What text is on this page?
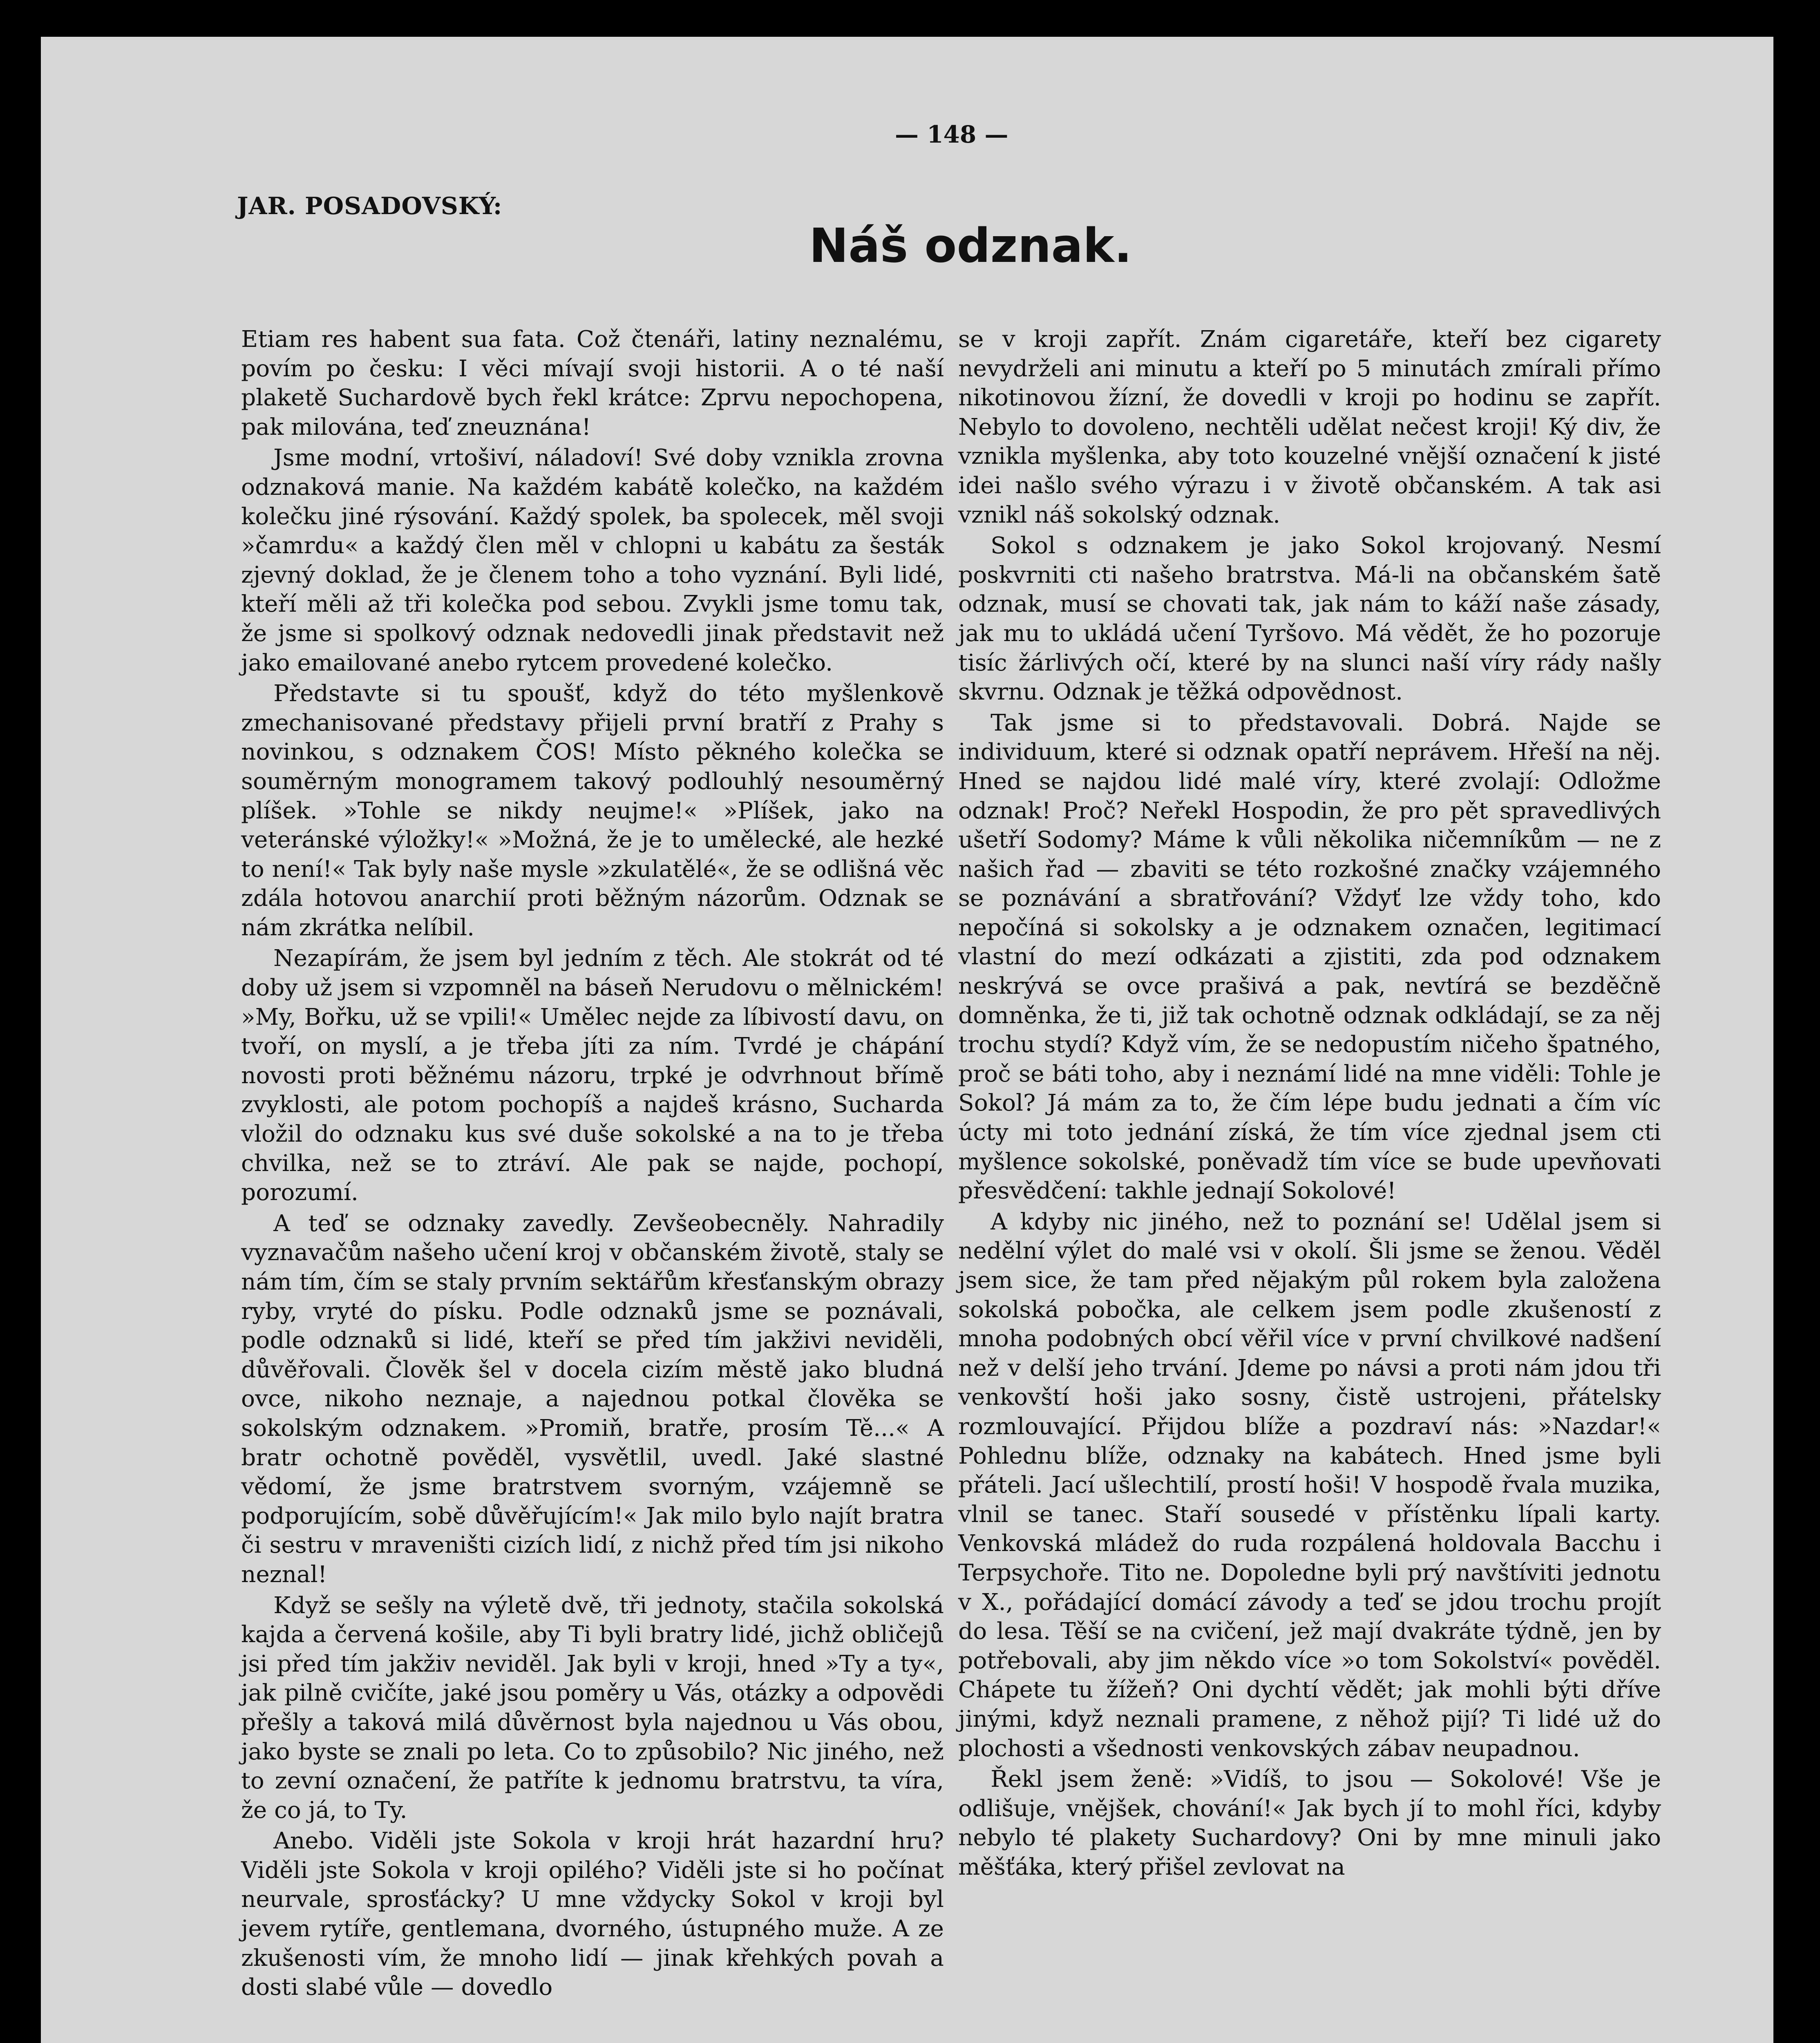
— 148 —
JAR. POSADOVSKÝ:
Náš odznak.

Etiam res habent sua fata. Což čtenáři, latiny neznalému, povím po česku: I věci mívají svoji historii. A o té naší plaketě Suchardově bych řekl krátce: Zprvu nepochopena, pak milována, teď zneuznána!

Jsme modní, vrtošiví, náladoví! Své doby vznikla zrovna odznaková manie. Na každém kabátě kolečko, na každém kolečku jiné rýsování. Každý spolek, ba spolecek, měl svoji »čamrdu« a každý člen měl v chlopni u kabátu za šesták zjevný doklad, že je členem toho a toho vyznání. Byli lidé, kteří měli až tři kolečka pod sebou. Zvykli jsme tomu tak, že jsme si spolkový odznak nedovedli jinak představit než jako emailované anebo rytcem provedené kolečko.

Představte si tu spoušť, když do této myšlenkově zmechanisované představy přijeli první bratří z Prahy s novinkou, s odznakem ČOS! Místo pěkného kolečka se souměrným monogramem takový podlouhlý nesouměrný plíšek. »Tohle se nikdy neujme!« »Plíšek, jako na veteránské výložky!« »Možná, že je to umělecké, ale hezké to není!« Tak byly naše mysle »zkulatělé«, že se odlišná věc zdála hotovou anarchií proti běžným názorům. Odznak se nám zkrátka nelíbil.

Nezapírám, že jsem byl jedním z těch. Ale stokrát od té doby už jsem si vzpomněl na báseň Nerudovu o mělnickém! »My, Bořku, už se vpili!« Umělec nejde za líbivostí davu, on tvoří, on myslí, a je třeba jíti za ním. Tvrdé je chápání novosti proti běžnému názoru, trpké je odvrhnout břímě zvyklosti, ale potom pochopíš a najdeš krásno, Sucharda vložil do odznaku kus své duše sokolské a na to je třeba chvilka, než se to ztráví. Ale pak se najde, pochopí, porozumí.

A teď se odznaky zavedly. Zevšeobecněly. Nahradily vyznavačům našeho učení kroj v občanském životě, staly se nám tím, čím se staly prvním sektářům křesťanským obrazy ryby, vryté do písku. Podle odznaků jsme se poznávali, podle odznaků si lidé, kteří se před tím jakživi neviděli, důvěřovali. Člověk šel v docela cizím městě jako bludná ovce, nikoho neznaje, a najednou potkal člověka se sokolským odznakem. »Promiň, bratře, prosím Tě...« A bratr ochotně pověděl, vysvětlil, uvedl. Jaké slastné vědomí, že jsme bratrstvem svorným, vzájemně se podporujícím, sobě důvěřujícím!« Jak milo bylo najít bratra či sestru v mraveništi cizích lidí, z nichž před tím jsi nikoho neznal!

Když se sešly na výletě dvě, tři jednoty, stačila sokolská kajda a červená košile, aby Ti byli bratry lidé, jichž obličejů jsi před tím jakživ neviděl. Jak byli v kroji, hned »Ty a ty«, jak pilně cvičíte, jaké jsou poměry u Vás, otázky a odpovědi přešly a taková milá důvěrnost byla najednou u Vás obou, jako byste se znali po leta. Co to způsobilo? Nic jiného, než to zevní označení, že patříte k jednomu bratrstvu, ta víra, že co já, to Ty.

Anebo. Viděli jste Sokola v kroji hrát hazardní hru? Viděli jste Sokola v kroji opilého? Viděli jste si ho počínat neurvale, sprosťácky? U mne vždycky Sokol v kroji byl jevem rytíře, gentlemana, dvorného, ústupného muže. A ze zkušenosti vím, že mnoho lidí — jinak křehkých povah a dosti slabé vůle — dovedlo

se v kroji zapřít. Znám cigaretáře, kteří bez cigarety nevydrželi ani minutu a kteří po 5 minutách zmírali přímo nikotinovou žízní, že dovedli v kroji po hodinu se zapřít. Nebylo to dovoleno, nechtěli udělat nečest kroji! Ký div, že vznikla myšlenka, aby toto kouzelné vnější označení k jisté idei našlo svého výrazu i v životě občanském. A tak asi vznikl náš sokolský odznak.

Sokol s odznakem je jako Sokol krojovaný. Nesmí poskvrniti cti našeho bratrstva. Má-li na občanském šatě odznak, musí se chovati tak, jak nám to káží naše zásady, jak mu to ukládá učení Tyršovo. Má vědět, že ho pozoruje tisíc žárlivých očí, které by na slunci naší víry rády našly skvrnu. Odznak je těžká odpovědnost.

Tak jsme si to představovali. Dobrá. Najde se individuum, které si odznak opatří neprávem. Hřeší na něj. Hned se najdou lidé malé víry, které zvolají: Odložme odznak! Proč? Neřekl Hospodin, že pro pět spravedlivých ušetří Sodomy? Máme k vůli několika ničemníkům — ne z našich řad — zbaviti se této rozkošné značky vzájemného se poznávání a sbratřování? Vždyť lze vždy toho, kdo nepočíná si sokolsky a je odznakem označen, legitimací vlastní do mezí odkázati a zjistiti, zda pod odznakem neskrývá se ovce prašivá a pak, nevtírá se bezděčně domněnka, že ti, již tak ochotně odznak odkládají, se za něj trochu stydí? Když vím, že se nedopustím ničeho špatného, proč se báti toho, aby i neznámí lidé na mne viděli: Tohle je Sokol? Já mám za to, že čím lépe budu jednati a čím víc úcty mi toto jednání získá, že tím více zjednal jsem cti myšlence sokolské, poněvadž tím více se bude upevňovati přesvědčení: takhle jednají Sokolové!

A kdyby nic jiného, než to poznání se! Udělal jsem si nedělní výlet do malé vsi v okolí. Šli jsme se ženou. Věděl jsem sice, že tam před nějakým půl rokem byla založena sokolská pobočka, ale celkem jsem podle zkušeností z mnoha podobných obcí věřil více v první chvilkové nadšení než v delší jeho trvání. Jdeme po návsi a proti nám jdou tři venkovští hoši jako sosny, čistě ustrojeni, přátelsky rozmlouvající. Přijdou blíže a pozdraví nás: »Nazdar!« Pohlednu blíže, odznaky na kabátech. Hned jsme byli přáteli. Jací ušlechtilí, prostí hoši! V hospodě řvala muzika, vlnil se tanec. Staří sousedé v přístěnku lípali karty. Venkovská mládež do ruda rozpálená holdovala Bacchu i Terpsychoře. Tito ne. Dopoledne byli prý navštíviti jednotu v X., pořádající domácí závody a teď se jdou trochu projít do lesa. Těší se na cvičení, jež mají dvakráte týdně, jen by potřebovali, aby jim někdo více »o tom Sokolství« pověděl. Chápete tu žížeň? Oni dychtí vědět; jak mohli býti dříve jinými, když neznali pramene, z něhož pijí? Ti lidé už do plochosti a všednosti venkovských zábav neupadnou.

Řekl jsem ženě: »Vidíš, to jsou — Sokolové! Vše je odlišuje, vnějšek, chování!« Jak bych jí to mohl říci, kdyby nebylo té plakety Suchardovy? Oni by mne minuli jako měšťáka, který přišel zevlovat na
